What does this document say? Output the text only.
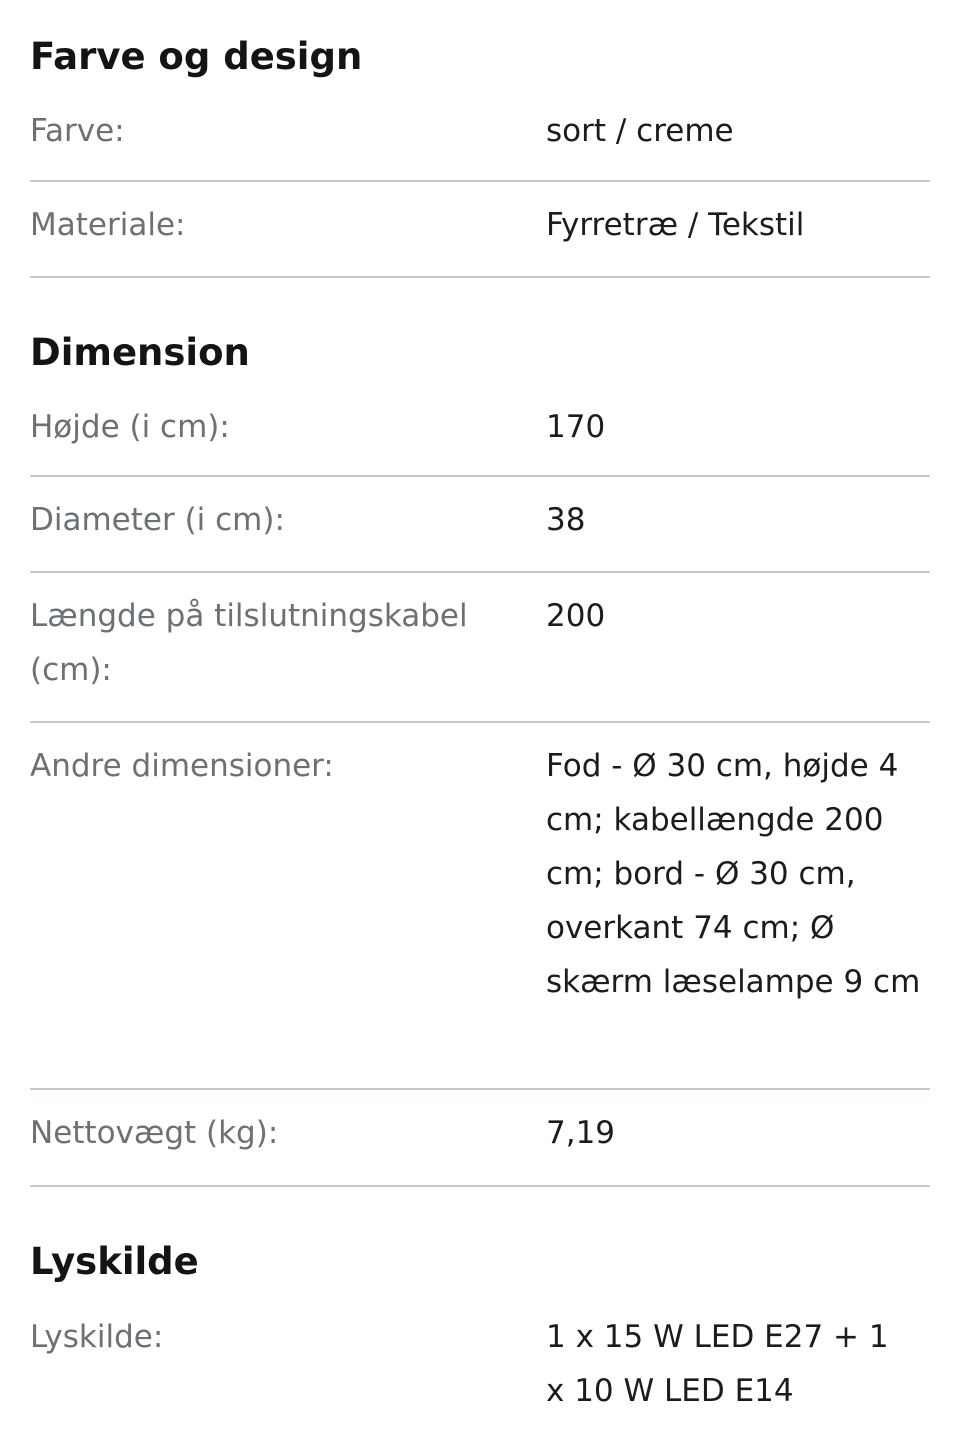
Farve og design
Farve:	sort / creme
Materiale:	Fyrretræ / Tekstil
Dimension
Højde (i cm):	170
Diameter (i cm):	38
Længde på tilslutningskabel (cm):
200
Andre dimensioner:	Fod - Ø 30 cm, højde 4 cm; kabellængde 200 cm; bord - Ø 30 cm, overkant 74 cm; Ø skærm læselampe 9 cm
Nettovægt (kg):	7,19
Lyskilde
Lyskilde:	1 x 15 W LED E27 + 1 x 10 W LED E14
